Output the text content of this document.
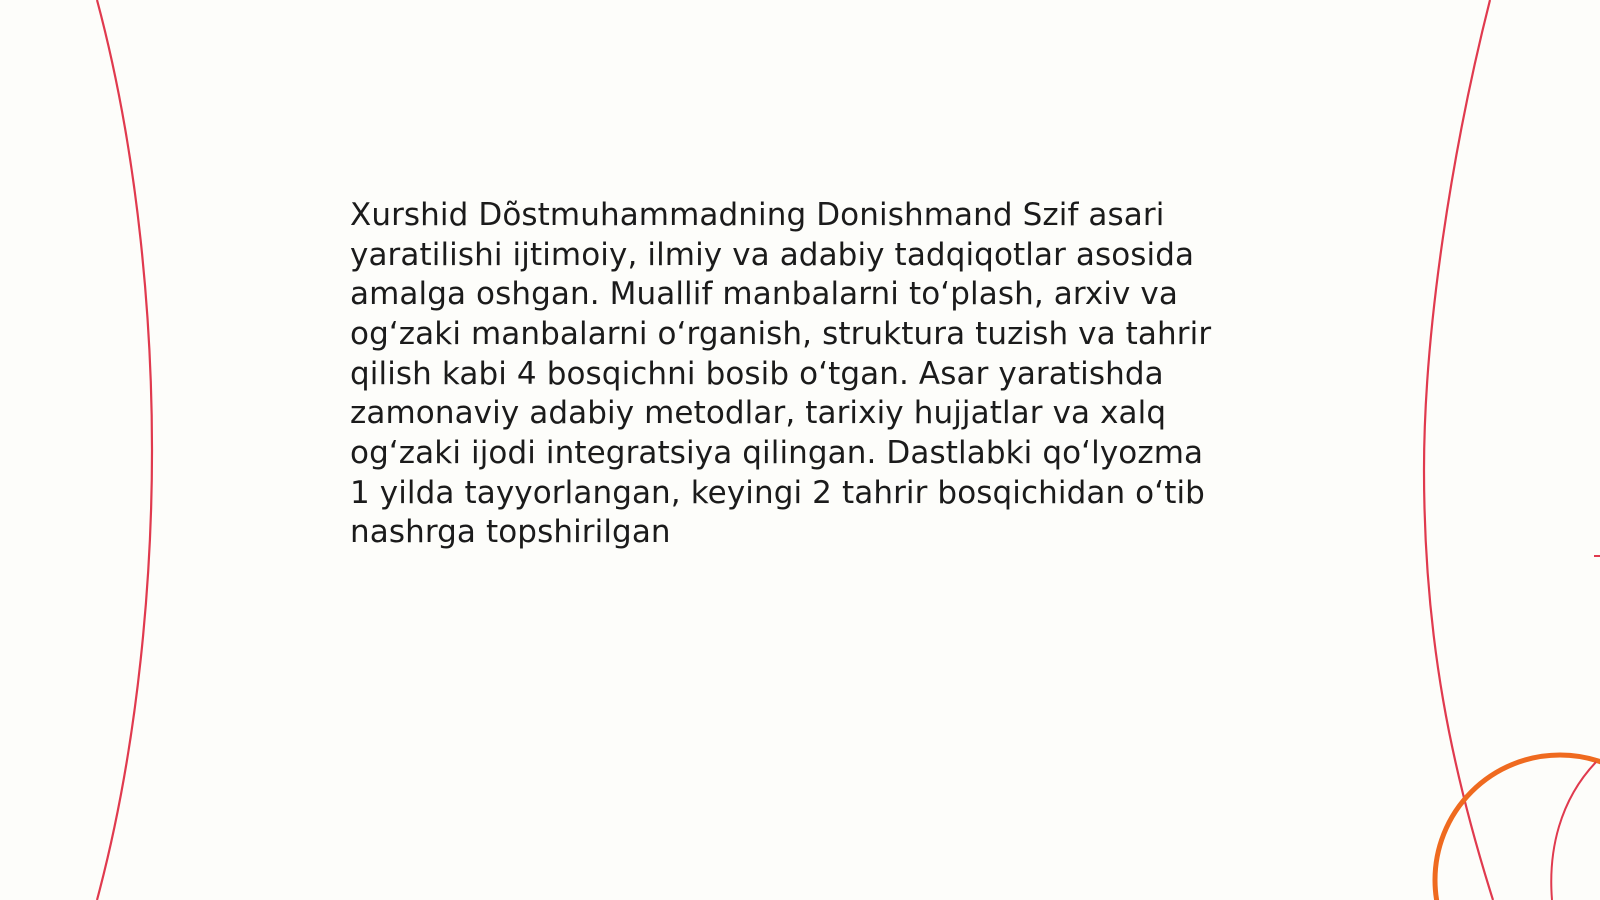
Xurshid Dõstmuhammadning Donishmand Szif asari yaratilishi ijtimoiy, ilmiy va adabiy tadqiqotlar asosida amalga oshgan. Muallif manbalarni to‘plash, arxiv va og‘zaki manbalarni o‘rganish, struktura tuzish va tahrir qilish kabi 4 bosqichni bosib o‘tgan. Asar yaratishda zamonaviy adabiy metodlar, tarixiy hujjatlar va xalq og‘zaki ijodi integratsiya qilingan. Dastlabki qo‘lyozma 1 yilda tayyorlangan, keyingi 2 tahrir bosqichidan o‘tib nashrga topshirilgan
